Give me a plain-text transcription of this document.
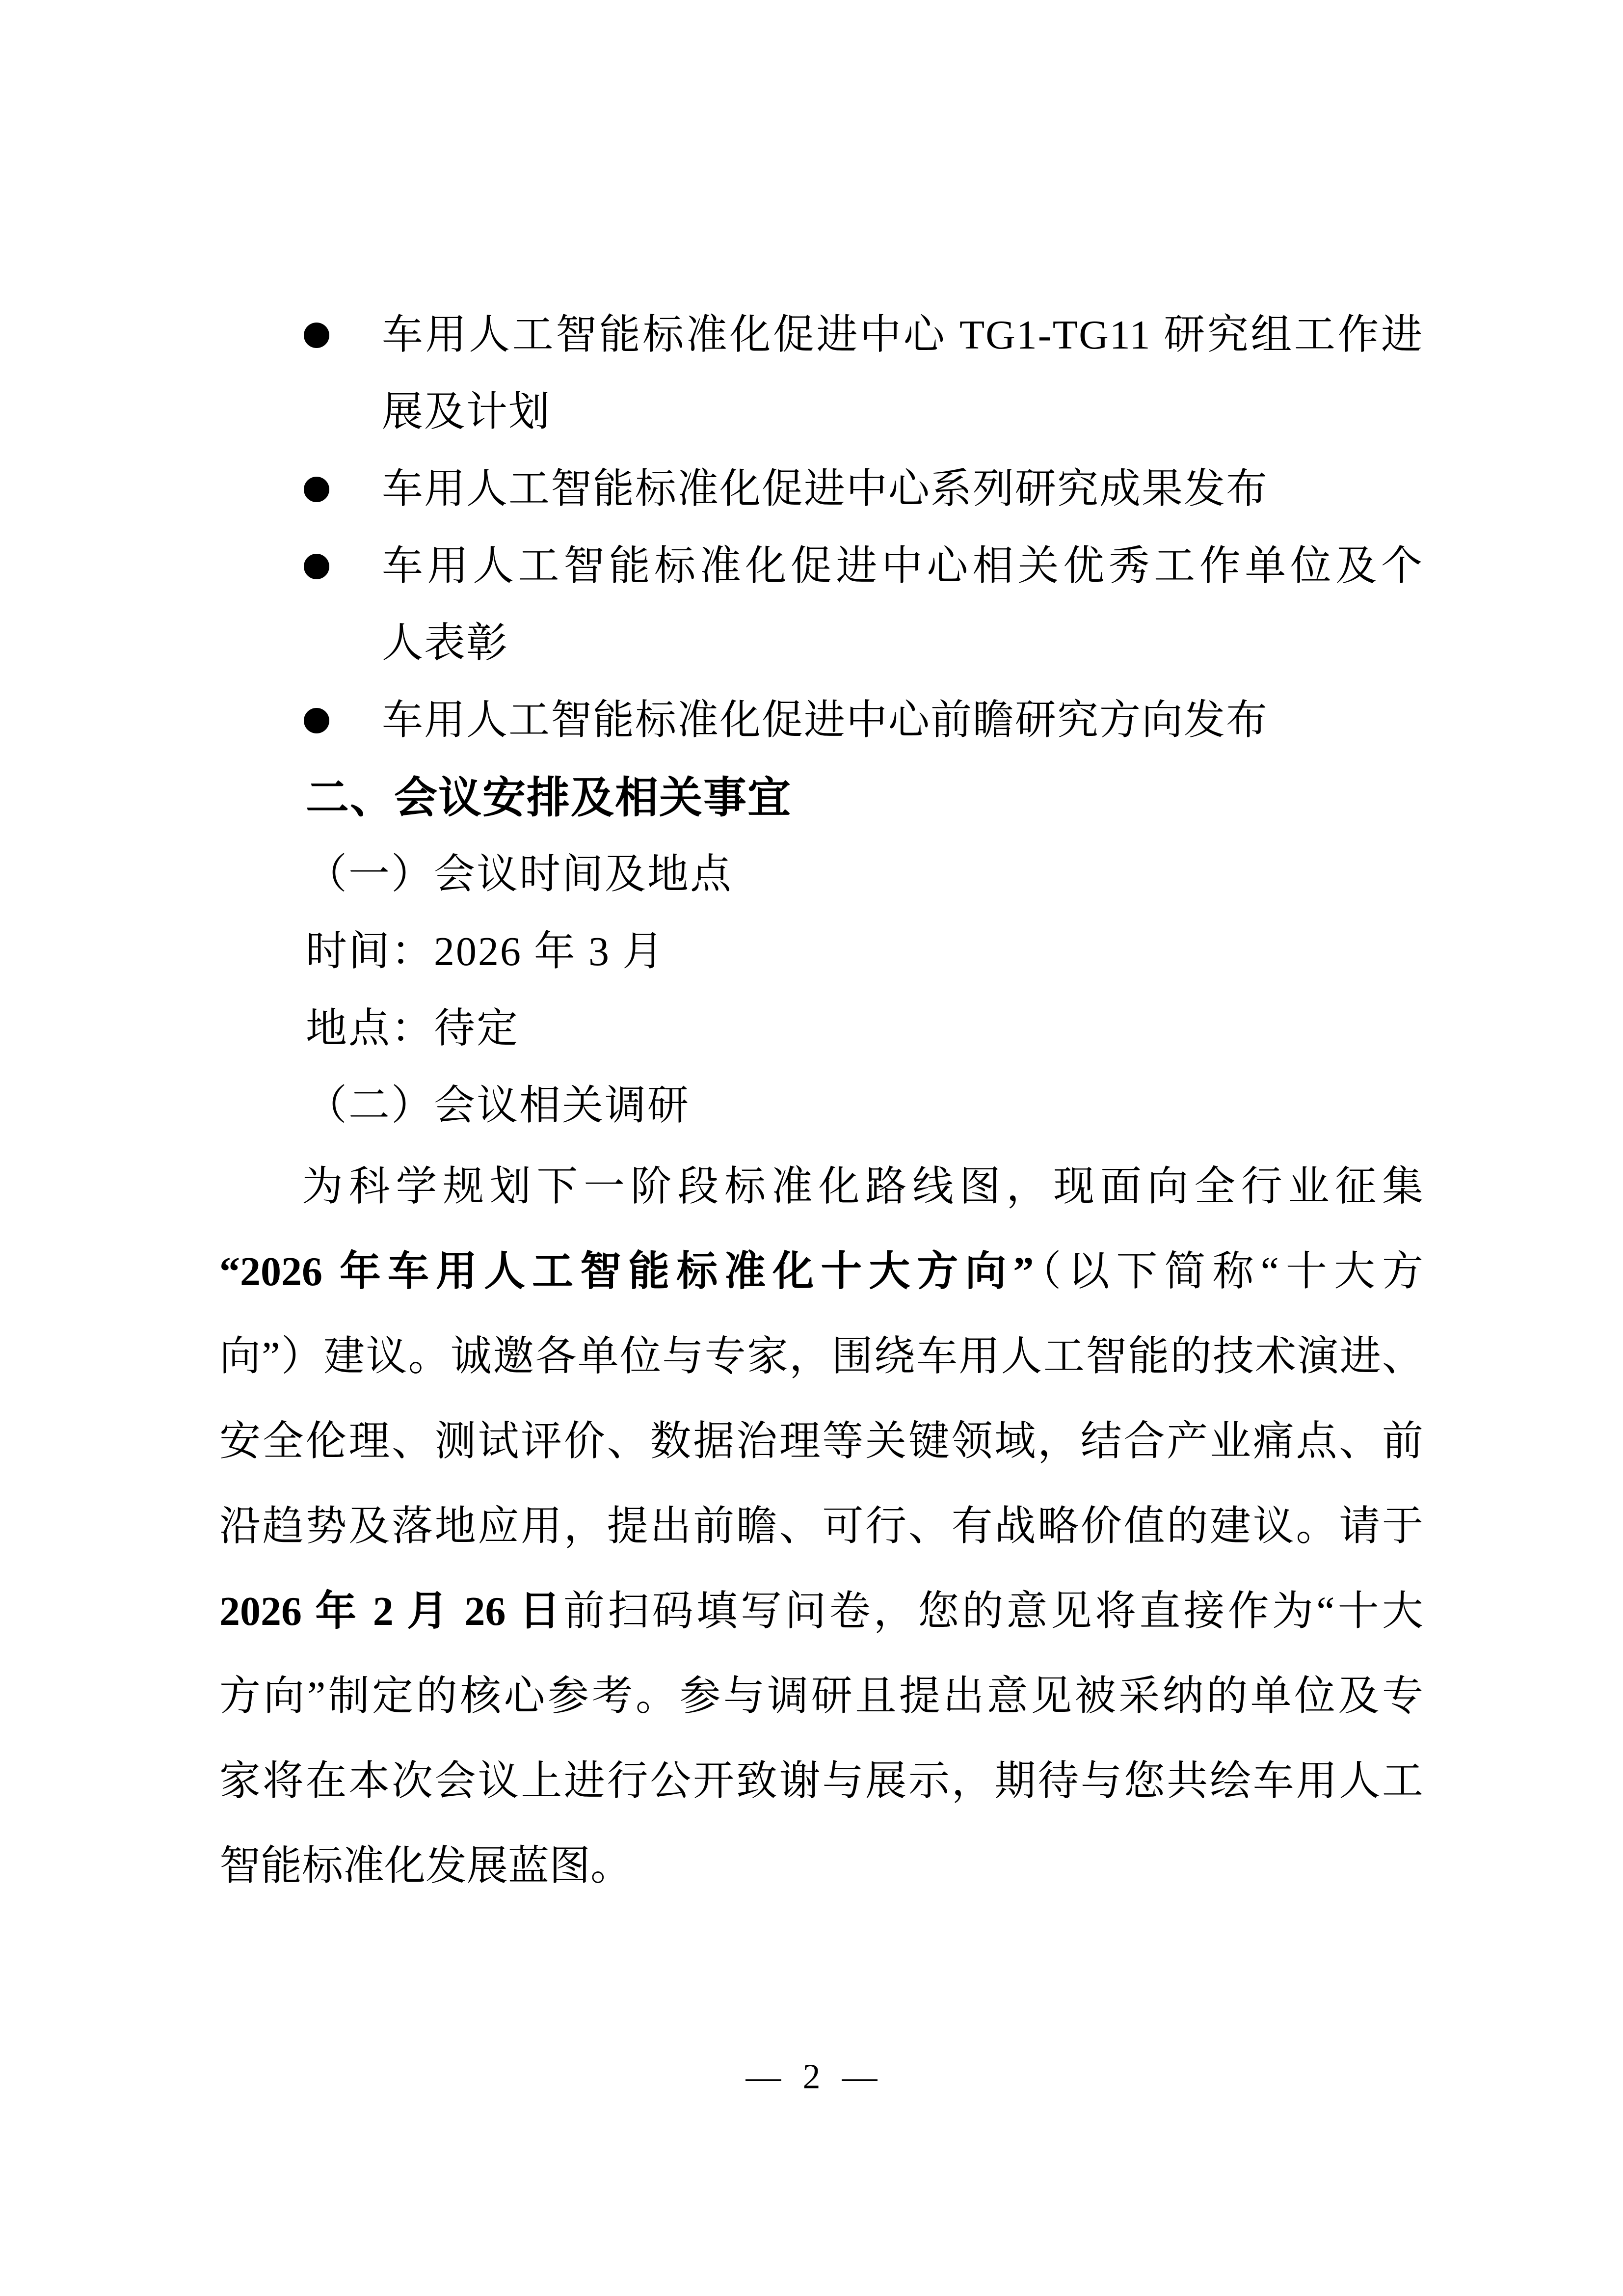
车用人工智能标准化促进中心 TG1-TG11 研究组工作进
展及计划
车用人工智能标准化促进中心系列研究成果发布
车用人工智能标准化促进中心相关优秀工作单位及个
人表彰
车用人工智能标准化促进中心前瞻研究方向发布
二、会议安排及相关事宜
（一）会议时间及地点
时间：2026 年 3 月
地点：待定
（二）会议相关调研
为科学规划下一阶段标准化路线图，现面向全行业征集
“2026 年车用人工智能标准化十大方向”（以下简称“十大方
向”）建议。诚邀各单位与专家，围绕车用人工智能的技术演进、
安全伦理、测试评价、数据治理等关键领域，结合产业痛点、前
沿趋势及落地应用，提出前瞻、可行、有战略价值的建议。请于
2026 年 2 月 26 日前扫码填写问卷，您的意见将直接作为“十大
方向”制定的核心参考。参与调研且提出意见被采纳的单位及专
家将在本次会议上进行公开致谢与展示，期待与您共绘车用人工
智能标准化发展蓝图。
— 2 —
